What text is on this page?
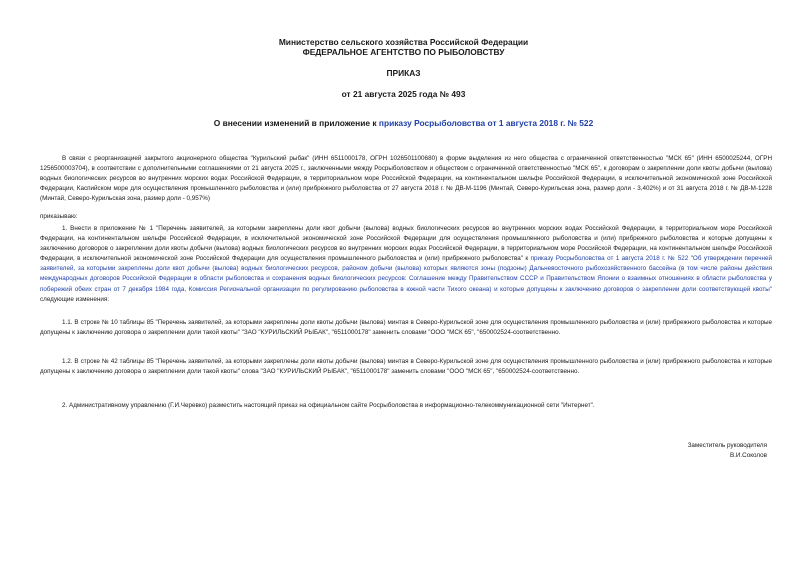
Министерство сельского хозяйства Российской Федерации
ФЕДЕРАЛЬНОЕ АГЕНТСТВО ПО РЫБОЛОВСТВУ
ПРИКАЗ
от 21 августа 2025 года № 493
О внесении изменений в приложение к приказу Росрыболовства от 1 августа 2018 г. № 522
В связи с реорганизацией закрытого акционерного общества "Курильский рыбак" (ИНН 6511000178, ОГРН 1026501100680) в форме выделения из него общества с ограниченной ответственностью "МСК 65" (ИНН 6500025244, ОГРН 1256500003704), в соответствии с дополнительными соглашениями от 21 августа 2025 г., заключенными между Росрыболовством и обществом с ограниченной ответственностью "МСК 65", к договорам о закреплении доли квоты добычи (вылова) водных биологических ресурсов во внутренних морских водах Российской Федерации, в территориальном море Российской Федерации, на континентальном шельфе Российской Федерации, в исключительной экономической зоне Российской Федерации, Каспийском море для осуществления промышленного рыболовства и (или) прибрежного рыболовства от 27 августа 2018 г. № ДВ-М-1196 (Минтай, Северо-Курильская зона, размер доли - 3,402%) и от 31 августа 2018 г. № ДВ-М-1228 (Минтай, Северо-Курильская зона, размер доли - 0,957%)
приказываю:
1. Внести в приложение № 1 "Перечень заявителей, за которыми закреплены доли квот добычи (вылова) водных биологических ресурсов во внутренних морских водах Российской Федерации, в территориальном море Российской Федерации, на континентальном шельфе Российской Федерации, в исключительной экономической зоне Российской Федерации для осуществления промышленного рыболовства и (или) прибрежного рыболовства и которые допущены к заключению договоров о закреплении доли квоты добычи (вылова) водных биологических ресурсов во внутренних морских водах Российской Федерации, в территориальном море Российской Федерации, на континентальном шельфе Российской Федерации, в исключительной экономической зоне Российской Федерации для осуществления промышленного рыболовства и (или) прибрежного рыболовства" к приказу Росрыболовства от 1 августа 2018 г. № 522 "Об утверждении перечней заявителей, за которыми закреплены доли квот добычи (вылова) водных биологических ресурсов, районом добычи (вылова) которых являются зоны (подзоны) Дальневосточного рыбохозяйственного бассейна (в том числе районы действия международных договоров Российской Федерации в области рыболовства и сохранения водных биологических ресурсов: Соглашение между Правительством СССР и Правительством Японии о взаимных отношениях в области рыболовства у побережий обеих стран от 7 декабря 1984 года, Комиссия Региональной организации по регулированию рыболовства в южной части Тихого океана) и которые допущены к заключению договоров о закреплении доли соответствующей квоты" следующие изменения:
1.1. В строке № 10 таблицы 85 "Перечень заявителей, за которыми закреплены доли квоты добычи (вылова) минтая в Северо-Курильской зоне для осуществления промышленного рыболовства и (или) прибрежного рыболовства и которые допущены к заключению договора о закреплении доли такой квоты" "ЗАО "КУРИЛЬСКИЙ РЫБАК", "6511000178" заменить словами "ООО "МСК 65", "650002524-соответственно.
1.2. В строке № 42 таблицы 85 "Перечень заявителей, за которыми закреплены доли квоты добычи (вылова) минтая в Северо-Курильской зоне для осуществления промышленного рыболовства и (или) прибрежного рыболовства и которые допущены к заключению договора о закреплении доли такой квоты" слова "ЗАО "КУРИЛЬСКИЙ РЫБАК", "6511000178" заменить словами "ООО "МСК 65", "650002524-соответственно.
2. Административному управлению (Г.И.Черевко) разместить настоящий приказ на официальном сайте Росрыболовства в информационно-телекоммуникационной сети "Интернет".
Заместитель руководителя
В.И.Соколов
